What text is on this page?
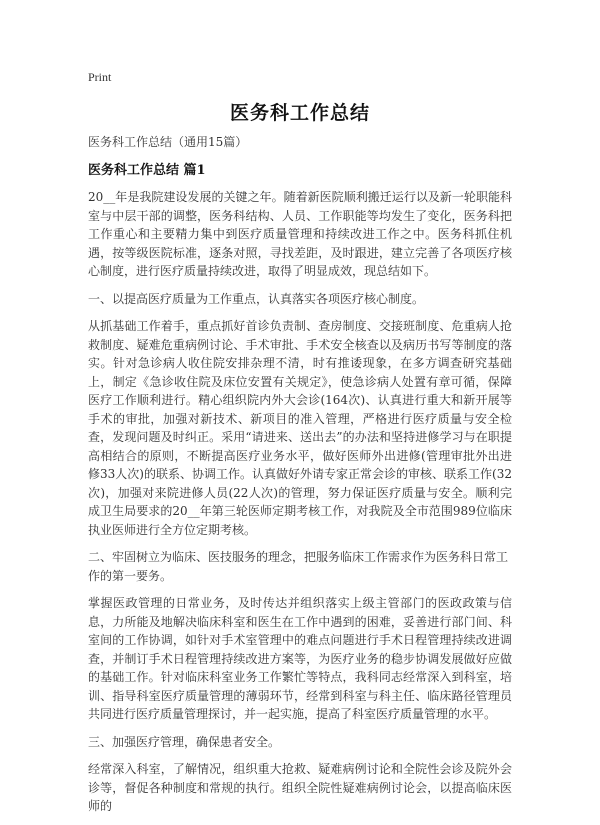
Print
医务科工作总结

医务科工作总结（通用15篇）

医务科工作总结 篇1

20__年是我院建设发展的关键之年。随着新医院顺利搬迁运行以及新一轮职能科室与中层干部的调整，医务科结构、人员、工作职能等均发生了变化，医务科把工作重心和主要精力集中到医疗质量管理和持续改进工作之中。医务科抓住机遇，按等级医院标准，逐条对照，寻找差距，及时跟进，建立完善了各项医疗核心制度，进行医疗质量持续改进，取得了明显成效，现总结如下。

一、以提高医疗质量为工作重点，认真落实各项医疗核心制度。

从抓基础工作着手，重点抓好首诊负责制、查房制度、交接班制度、危重病人抢救制度、疑难危重病例讨论、手术审批、手术安全核查以及病历书写等制度的落实。针对急诊病人收住院安排杂理不清，时有推诿现象，在多方调查研究基础上，制定《急诊收住院及床位安置有关规定》，使急诊病人处置有章可循，保障医疗工作顺利进行。精心组织院内外大会诊(164次)、认真进行重大和新开展等手术的审批，加强对新技术、新项目的准入管理，严格进行医疗质量与安全检查，发现问题及时纠正。采用“请进来、送出去”的办法和坚持进修学习与在职提高相结合的原则，不断提高医疗业务水平，做好医师外出进修(管理审批外出进修33人次)的联系、协调工作。认真做好外请专家正常会诊的审核、联系工作(32次)，加强对来院进修人员(22人次)的管理，努力保证医疗质量与安全。顺利完成卫生局要求的20__年第三轮医师定期考核工作，对我院及全市范围989位临床执业医师进行全方位定期考核。

二、牢固树立为临床、医技服务的理念，把服务临床工作需求作为医务科日常工作的第一要务。

掌握医政管理的日常业务，及时传达并组织落实上级主管部门的医政政策与信息，力所能及地解决临床科室和医生在工作中遇到的困难，妥善进行部门间、科室间的工作协调，如针对手术室管理中的难点问题进行手术日程管理持续改进调查，并制订手术日程管理持续改进方案等，为医疗业务的稳步协调发展做好应做的基础工作。针对临床科室业务工作繁忙等特点，我科同志经常深入到科室，培训、指导科室医疗质量管理的薄弱环节，经常到科室与科主任、临床路径管理员共同进行医疗质量管理探讨，并一起实施，提高了科室医疗质量管理的水平。

三、加强医疗管理，确保患者安全。

经常深入科室，了解情况，组织重大抢救、疑难病例讨论和全院性会诊及院外会诊等，督促各种制度和常规的执行。组织全院性疑难病例讨论会，以提高临床医师的
